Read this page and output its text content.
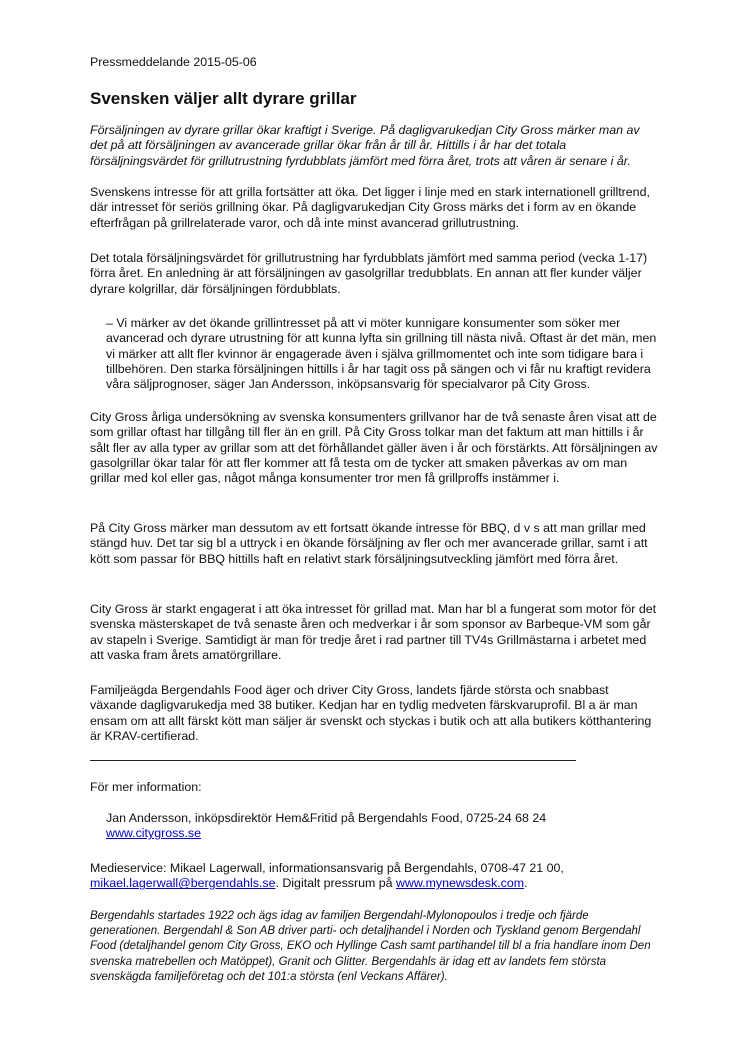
Pressmeddelande 2015-05-06
Svensken väljer allt dyrare grillar

Försäljningen av dyrare grillar ökar kraftigt i Sverige. På dagligvarukedjan City Gross märker man av det på att försäljningen av avancerade grillar ökar från år till år. Hittills i år har det totala försäljningsvärdet för grillutrustning fyrdubblats jämfört med förra året, trots att våren är senare i år.

Svenskens intresse för att grilla fortsätter att öka. Det ligger i linje med en stark internationell grilltrend, där intresset för seriös grillning ökar. På dagligvarukedjan City Gross märks det i form av en ökande efterfrågan på grillrelaterade varor, och då inte minst avancerad grillutrustning.

Det totala försäljningsvärdet för grillutrustning har fyrdubblats jämfört med samma period (vecka 1-17) förra året. En anledning är att försäljningen av gasolgrillar tredubblats. En annan att fler kunder väljer dyrare kolgrillar, där försäljningen fördubblats.

– Vi märker av det ökande grillintresset på att vi möter kunnigare konsumenter som söker mer avancerad och dyrare utrustning för att kunna lyfta sin grillning till nästa nivå. Oftast är det män, men vi märker att allt fler kvinnor är engagerade även i själva grillmomentet och inte som tidigare bara i tillbehören. Den starka försäljningen hittills i år har tagit oss på sängen och vi får nu kraftigt revidera våra säljprognoser, säger Jan Andersson, inköpsansvarig för specialvaror på City Gross.

City Gross årliga undersökning av svenska konsumenters grillvanor har de två senaste åren visat att de som grillar oftast har tillgång till fler än en grill. På City Gross tolkar man det faktum att man hittills i år sålt fler av alla typer av grillar som att det förhållandet gäller även i år och förstärkts. Att försäljningen av gasolgrillar ökar talar för att fler kommer att få testa om de tycker att smaken påverkas av om man grillar med kol eller gas, något många konsumenter tror men få grillproffs instämmer i.

På City Gross märker man dessutom av ett fortsatt ökande intresse för BBQ, d v s att man grillar med stängd huv. Det tar sig bl a uttryck i en ökande försäljning av fler och mer avancerade grillar, samt i att kött som passar för BBQ hittills haft en relativt stark försäljningsutveckling jämfört med förra året.

City Gross är starkt engagerat i att öka intresset för grillad mat. Man har bl a fungerat som motor för det svenska mästerskapet de två senaste åren och medverkar i år som sponsor av Barbeque-VM som går av stapeln i Sverige. Samtidigt är man för tredje året i rad partner till TV4s Grillmästarna i arbetet med att vaska fram årets amatörgrillare.

Familjeägda Bergendahls Food äger och driver City Gross, landets fjärde största och snabbast växande dagligvarukedja med 38 butiker. Kedjan har en tydlig medveten färskvaruprofil. Bl a är man ensam om att allt färskt kött man säljer är svenskt och styckas i butik och att alla butikers kötthantering är KRAV-certifierad.

För mer information:

Jan Andersson, inköpsdirektör Hem&Fritid på Bergendahls Food, 0725-24 68 24
www.citygross.se

Medieservice: Mikael Lagerwall, informationsansvarig på Bergendahls, 0708-47 21 00,
mikael.lagerwall@bergendahls.se. Digitalt pressrum på www.mynewsdesk.com.

Bergendahls startades 1922 och ägs idag av familjen Bergendahl-Mylonopoulos i tredje och fjärde generationen. Bergendahl & Son AB driver parti- och detaljhandel i Norden och Tyskland genom Bergendahl Food (detaljhandel genom City Gross, EKO och Hyllinge Cash samt partihandel till bl a fria handlare inom Den svenska matrebellen och Matöppet), Granit och Glitter. Bergendahls är idag ett av landets fem största svenskägda familjeföretag och det 101:a största (enl Veckans Affärer).
